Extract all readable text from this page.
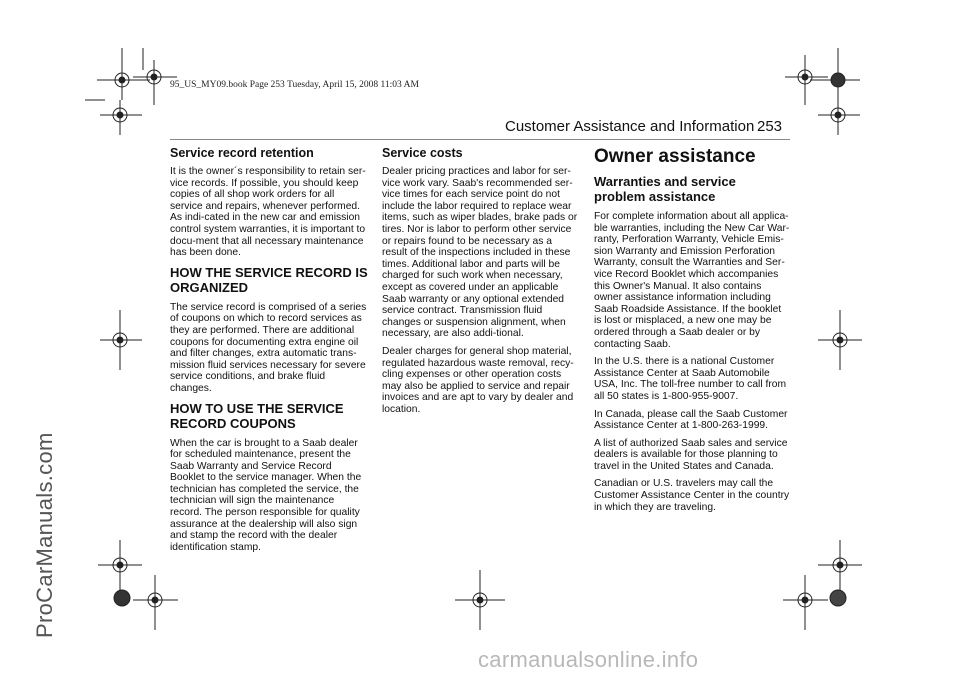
ProCarManuals.com
95_US_MY09.book Page 253 Tuesday, April 15, 2008 11:03 AM
Customer Assistance and Information 253
Service record retention

It is the owner´s responsibility to retain ser-vice records. If possible, you should keep copies of all shop work orders for all service and repairs, whenever performed. As indi-cated in the new car and emission control system warranties, it is important to docu-ment that all necessary maintenance has been done.

HOW THE SERVICE RECORD IS ORGANIZED

The service record is comprised of a series of coupons on which to record services as they are performed. There are additional coupons for documenting extra engine oil and filter changes, extra automatic trans-mission fluid services necessary for severe service conditions, and brake fluid changes.

HOW TO USE THE SERVICE RECORD COUPONS

When the car is brought to a Saab dealer for scheduled maintenance, present the Saab Warranty and Service Record Booklet to the service manager. When the technician has completed the service, the technician will sign the maintenance record. The person responsible for quality assurance at the dealership will also sign and stamp the record with the dealer identification stamp.

Service costs

Dealer pricing practices and labor for ser-vice work vary. Saab's recommended ser-vice times for each service point do not include the labor required to replace wear items, such as wiper blades, brake pads or tires. Nor is labor to perform other service or repairs found to be necessary as a result of the inspections included in these times. Additional labor and parts will be charged for such work when necessary, except as covered under an applicable Saab warranty or any optional extended service contract. Transmission fluid changes or suspension alignment, when necessary, are also addi-tional.

Dealer charges for general shop material, regulated hazardous waste removal, recy-cling expenses or other operation costs may also be applied to service and repair invoices and are apt to vary by dealer and location.

Owner assistance
Warranties and service problem assistance

For complete information about all applica-ble warranties, including the New Car War-ranty, Perforation Warranty, Vehicle Emis-sion Warranty and Emission Perforation Warranty, consult the Warranties and Ser-vice Record Booklet which accompanies this Owner's Manual. It also contains owner assistance information including Saab Roadside Assistance. If the booklet is lost or misplaced, a new one may be ordered through a Saab dealer or by contacting Saab.

In the U.S. there is a national Customer Assistance Center at Saab Automobile USA, Inc. The toll-free number to call from all 50 states is 1-800-955-9007.

In Canada, please call the Saab Customer Assistance Center at 1-800-263-1999.

A list of authorized Saab sales and service dealers is available for those planning to travel in the United States and Canada.

Canadian or U.S. travelers may call the Customer Assistance Center in the country in which they are traveling.

carmanualsonline.info
